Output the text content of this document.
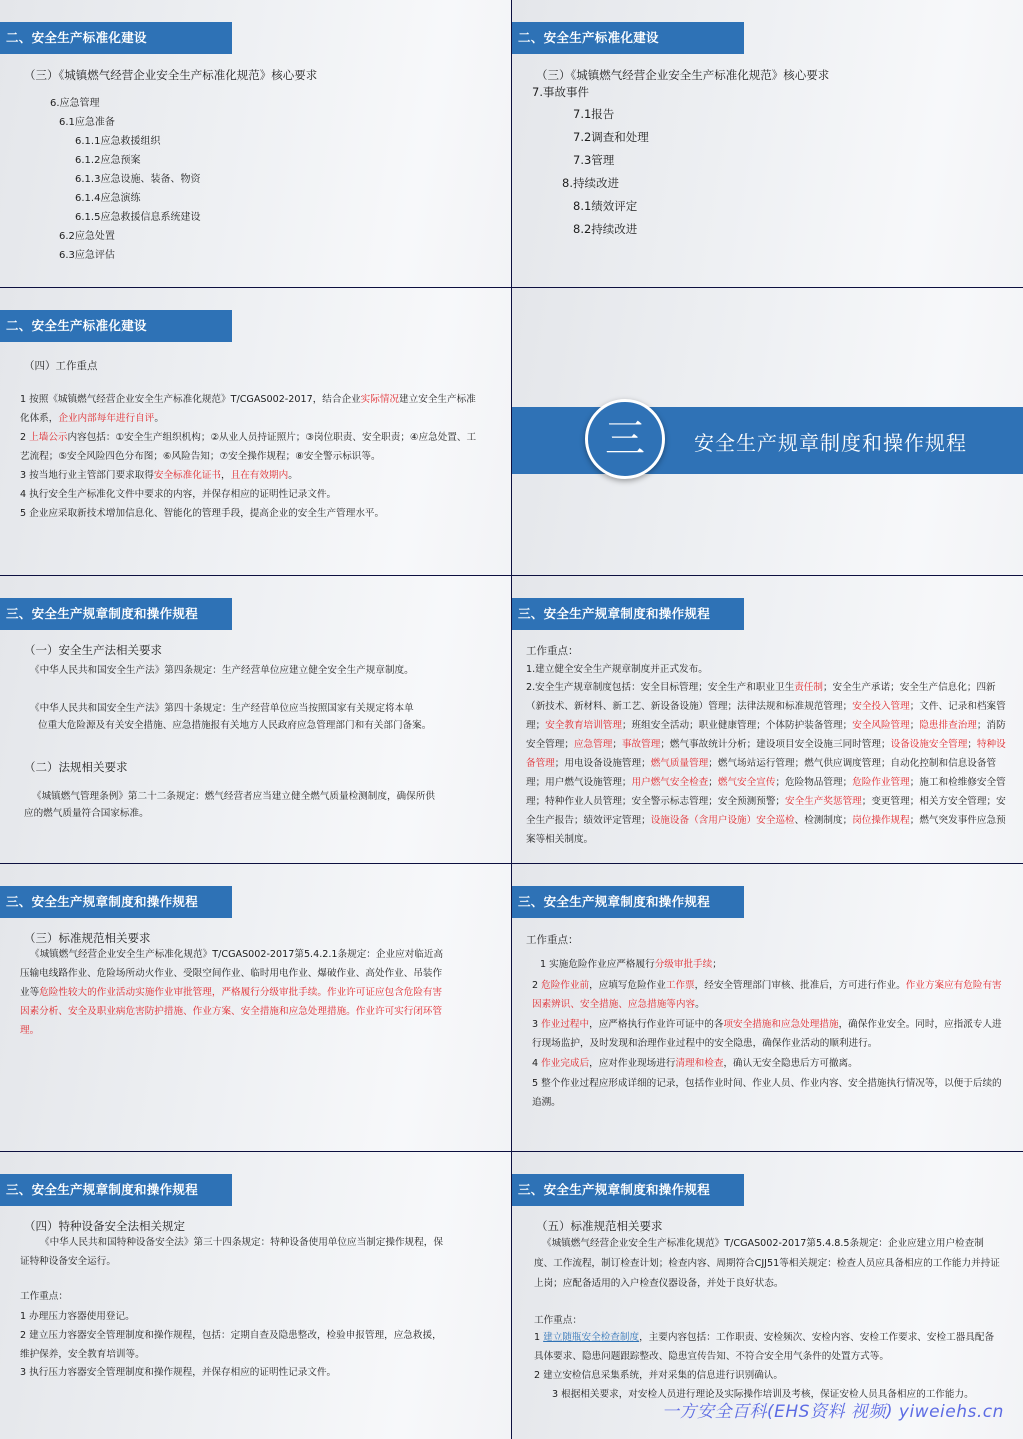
二、安全生产标准化建设
（三）《城镇燃气经营企业安全生产标准化规范》核心要求
6.应急管理
6.1应急准备
6.1.1应急救援组织
6.1.2应急预案
6.1.3应急设施、装备、物资
6.1.4应急演练
6.1.5应急救援信息系统建设
6.2应急处置
6.3应急评估
二、安全生产标准化建设
（三）《城镇燃气经营企业安全生产标准化规范》核心要求
7.事故事件
7.1报告
7.2调查和处理
7.3管理
8.持续改进
8.1绩效评定
8.2持续改进
二、安全生产标准化建设
（四）工作重点
1 按照《城镇燃气经营企业安全生产标准化规范》T/CGAS002-2017，结合企业实际情况建立安全生产标准化体系，企业内部每年进行自评。
2 上墙公示内容包括：①安全生产组织机构；②从业人员持证照片；③岗位职责、安全职责；④应急处置、工艺流程；⑤安全风险四色分布图；⑥风险告知；⑦安全操作规程；⑧安全警示标识等。
3 按当地行业主管部门要求取得安全标准化证书，且在有效期内。
4 执行安全生产标准化文件中要求的内容，并保存相应的证明性记录文件。
5 企业应采取新技术增加信息化、智能化的管理手段，提高企业的安全生产管理水平。
三	安全生产规章制度和操作规程
三、安全生产规章制度和操作规程
（一）安全生产法相关要求
《中华人民共和国安全生产法》第四条规定：生产经营单位应建立健全安全生产规章制度。
《中华人民共和国安全生产法》第四十条规定：生产经营单位应当按照国家有关规定将本单
位重大危险源及有关安全措施、应急措施报有关地方人民政府应急管理部门和有关部门备案。
（二）法规相关要求
《城镇燃气管理条例》第二十二条规定：燃气经营者应当建立健全燃气质量检测制度，确保所供应的燃气质量符合国家标准。
三、安全生产规章制度和操作规程
工作重点：
1.建立健全安全生产规章制度并正式发布。
2.安全生产规章制度包括：安全目标管理；安全生产和职业卫生责任制；安全生产承诺；安全生产信息化；四新（新技术、新材料、新工艺、新设备设施）管理；法律法规和标准规范管理；安全投入管理；文件、记录和档案管理；安全教育培训管理；班组安全活动；职业健康管理；个体防护装备管理；安全风险管理；隐患排查治理；消防安全管理；应急管理；事故管理；燃气事故统计分析；建设项目安全设施三同时管理；设备设施安全管理；特种设备管理；用电设备设施管理；燃气质量管理；燃气场站运行管理；燃气供应调度管理；自动化控制和信息设备管理；用户燃气设施管理；用户燃气安全检查；燃气安全宣传；危险物品管理；危险作业管理；施工和检维修安全管理；特种作业人员管理；安全警示标志管理；安全预测预警；安全生产奖惩管理；变更管理；相关方安全管理；安全生产报告；绩效评定管理；设施设备（含用户设施）安全巡检、检测制度；岗位操作规程；燃气突发事件应急预案等相关制度。
三、安全生产规章制度和操作规程
（三）标准规范相关要求
《城镇燃气经营企业安全生产标准化规范》T/CGAS002-2017第5.4.2.1条规定：企业应对临近高压输电线路作业、危险场所动火作业、受限空间作业、临时用电作业、爆破作业、高处作业、吊装作业等危险性较大的作业活动实施作业审批管理，严格履行分级审批手续。作业许可证应包含危险有害因素分析、安全及职业病危害防护措施、作业方案、安全措施和应急处理措施。作业许可实行闭环管理。
三、安全生产规章制度和操作规程
工作重点：
1 实施危险作业应严格履行分级审批手续；
2 危险作业前，应填写危险作业工作票，经安全管理部门审核、批准后，方可进行作业。作业方案应有危险有害因素辨识、安全措施、应急措施等内容。
3 作业过程中，应严格执行作业许可证中的各项安全措施和应急处理措施，确保作业安全。同时，应指派专人进行现场监护，及时发现和治理作业过程中的安全隐患，确保作业活动的顺利进行。
4 作业完成后，应对作业现场进行清理和检查，确认无安全隐患后方可撤离。
5 整个作业过程应形成详细的记录，包括作业时间、作业人员、作业内容、安全措施执行情况等，以便于后续的追溯。
三、安全生产规章制度和操作规程
（四）特种设备安全法相关规定
《中华人民共和国特种设备安全法》第三十四条规定：特种设备使用单位应当制定操作规程，保证特种设备安全运行。
工作重点：
1 办理压力容器使用登记。
2 建立压力容器安全管理制度和操作规程，包括：定期自查及隐患整改，检验申报管理，应急救援，维护保养，安全教育培训等。
3 执行压力容器安全管理制度和操作规程，并保存相应的证明性记录文件。
三、安全生产规章制度和操作规程
（五）标准规范相关要求
《城镇燃气经营企业安全生产标准化规范》T/CGAS002-2017第5.4.8.5条规定：企业应建立用户检查制度、工作流程，制订检查计划；检查内容、周期符合CJJ51等相关规定：检查人员应具备相应的工作能力并持证上岗；应配备适用的入户检查仪器设备，并处于良好状态。
工作重点：
1 建立随瓶安全检查制度，主要内容包括：工作职责、安检频次、安检内容、安检工作要求、安检工器具配备具体要求、隐患问题跟踪整改、隐患宣传告知、不符合安全用气条件的处置方式等。
2 建立安检信息采集系统，并对采集的信息进行识别确认。
3 根据相关要求，对安检人员进行理论及实际操作培训及考核，保证安检人员具备相应的工作能力。
一方安全百科(EHS资料 视频) yiweiehs.cn
